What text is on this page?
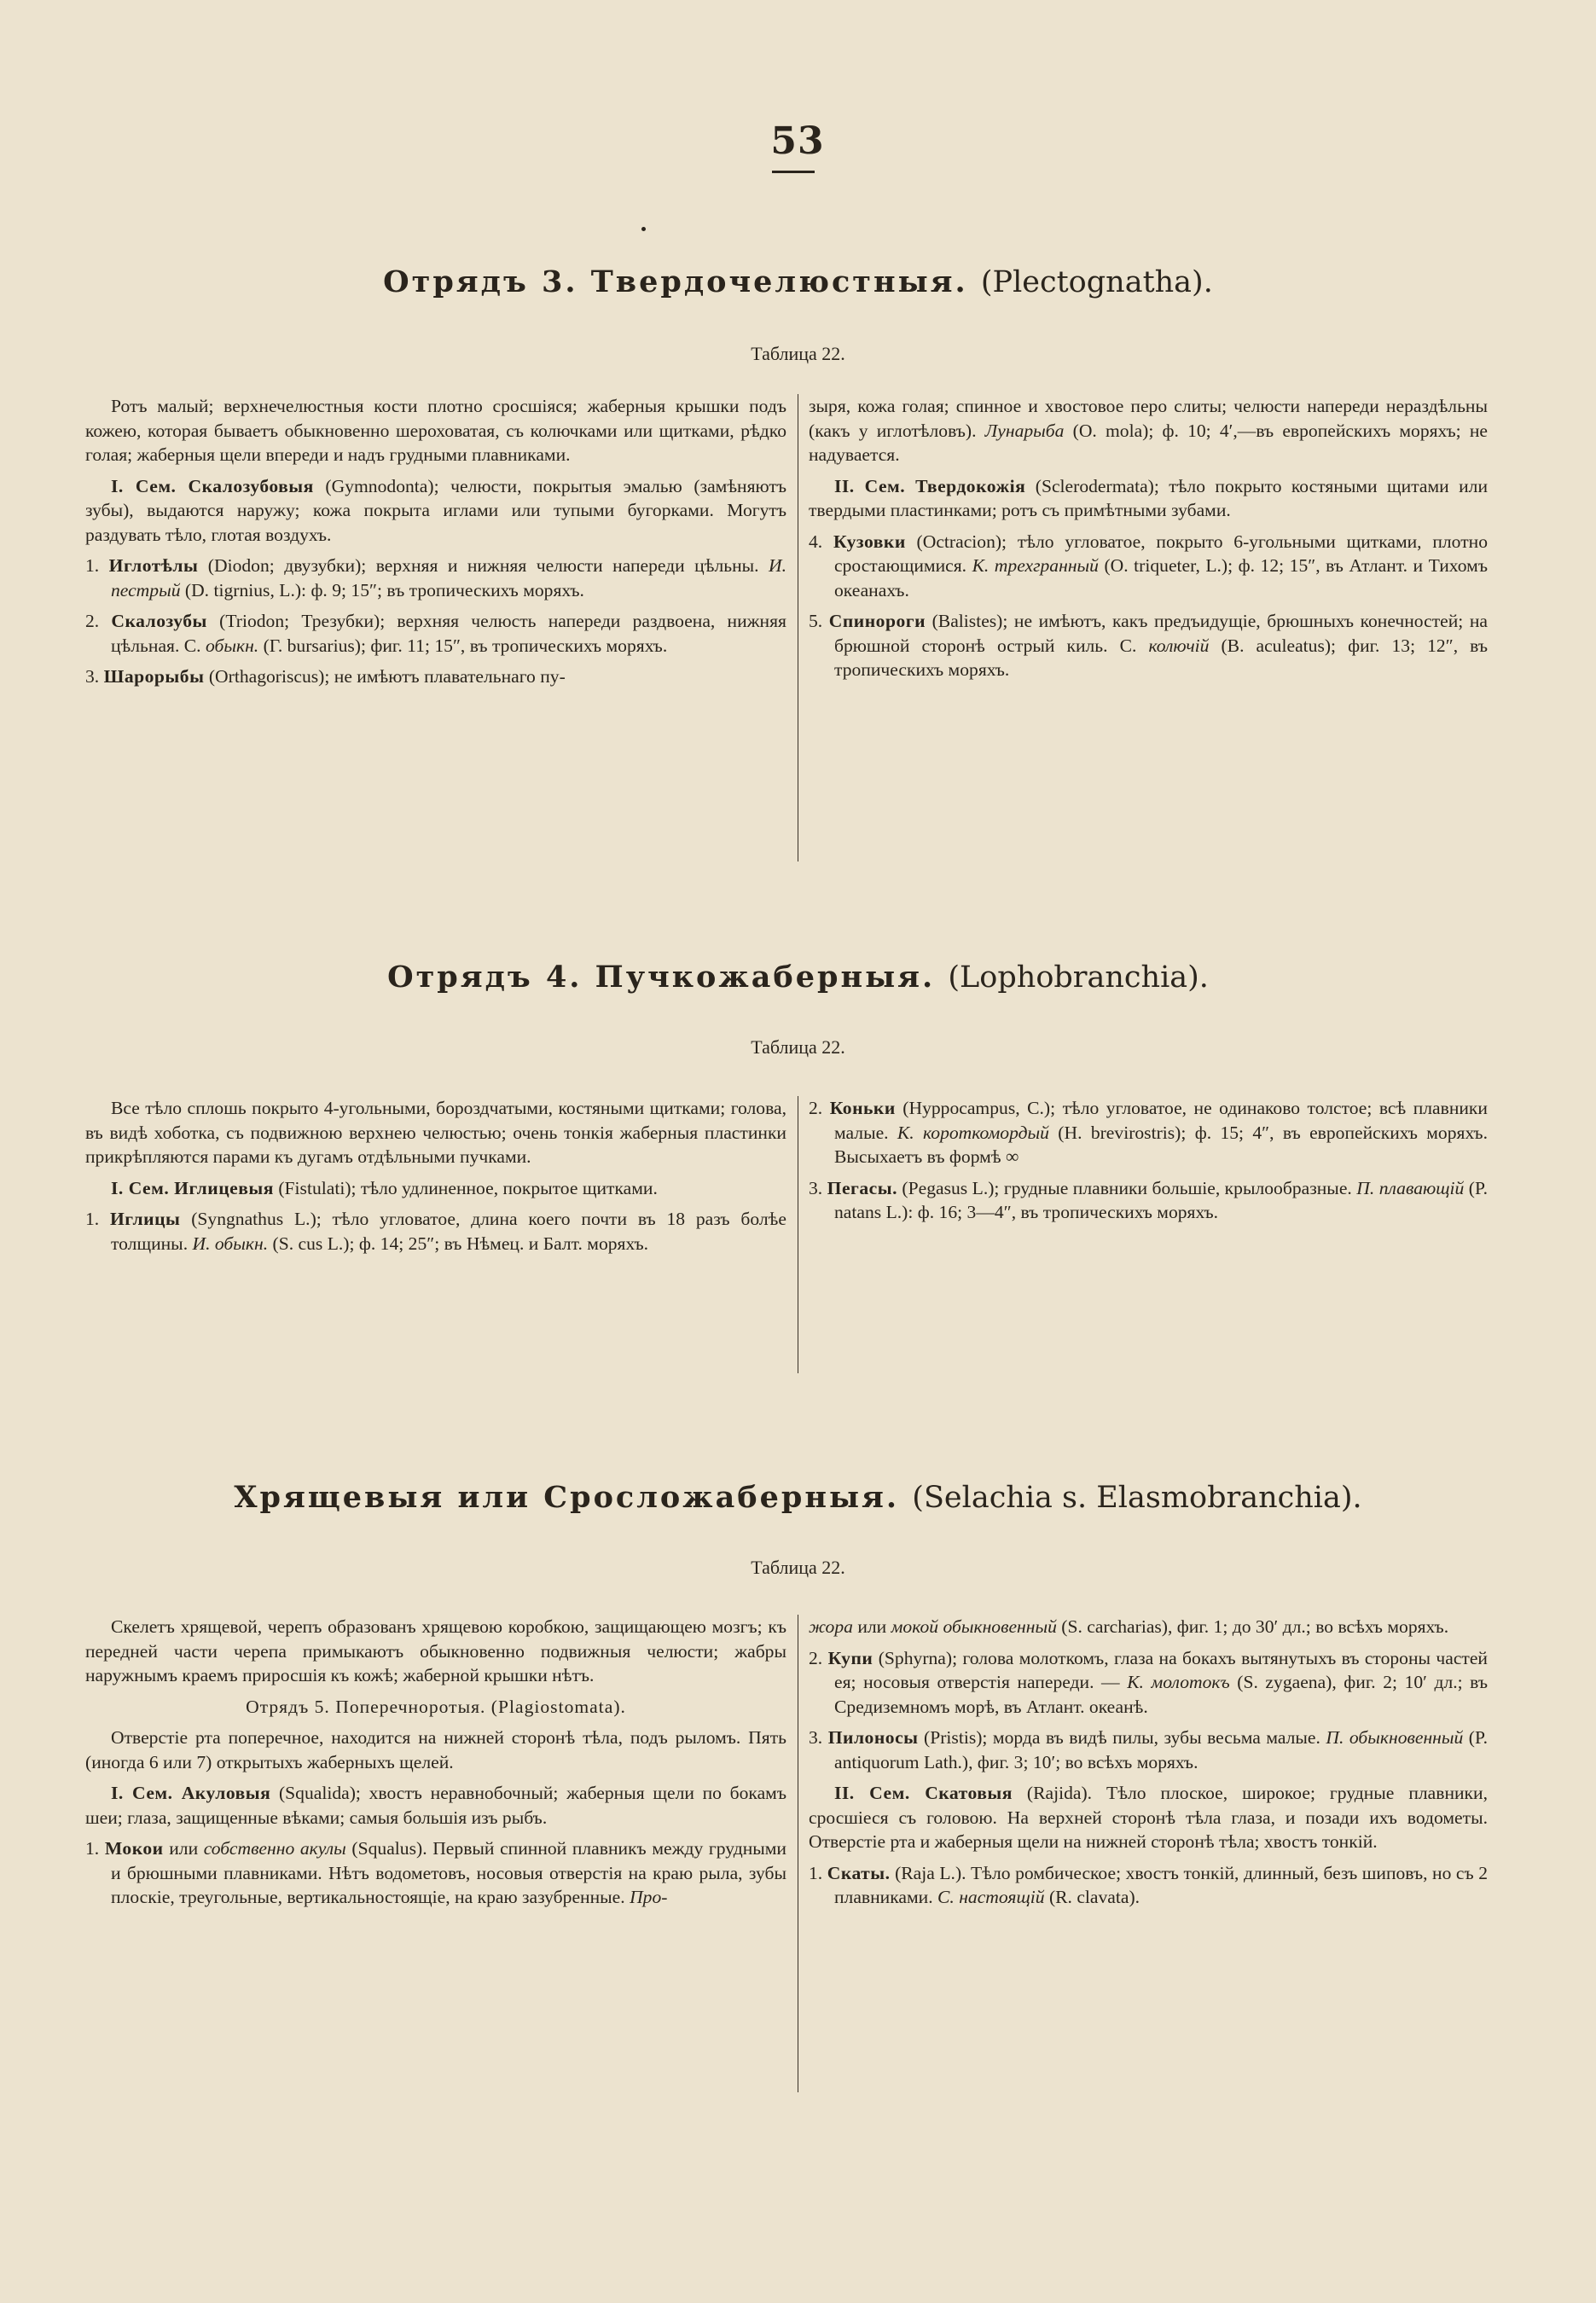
53
Отрядъ 3. Твердочелюстныя. (Plectognatha).
Таблица 22.

Ротъ малый; верхнечелюстныя кости плотно сросшiяся; жаберныя крышки подъ кожею, которая бываетъ обыкновенно шероховатая, съ колючками или щитками, рѣдко голая; жаберныя щели впереди и надъ грудными плавниками.

I. Сем. Скалозубовыя (Gymnodonta); челюсти, покрытыя эмалью (замѣняютъ зубы), выдаются наружу; кожа покрыта иглами или тупыми бугорками. Могутъ раздувать тѣло, глотая воздухъ.

1. Иглотѣлы (Diodon; двузубки); верхняя и нижняя челюсти напереди цѣльны. И. пестрый (D. tigrnius, L.): ф. 9; 15″; въ тропическихъ моряхъ.

2. Скалозубы (Triodon; Трезубки); верхняя челюсть напереди раздвоена, нижняя цѣльная. С. обыкн. (Г. bursarius); фиг. 11; 15″, въ тропическихъ моряхъ.

3. Шарорыбы (Orthagoriscus); не имѣютъ плавательнаго пу-

зыря, кожа голая; спинное и хвостовое перо слиты; челюсти напереди нераздѣльны (какъ у иглотѣловъ). Лунарыба (O. mola); ф. 10; 4′,—въ европейскихъ моряхъ; не надувается.

II. Сем. Твердокожiя (Sclerodermata); тѣло покрыто костяными щитами или твердыми пластинками; ротъ съ примѣтными зубами.

4. Кузовки (Octracion); тѣло угловатое, покрыто 6-угольными щитками, плотно сростающимися. К. трехгранный (O. triqueter, L.); ф. 12; 15″, въ Атлант. и Тихомъ океанахъ.

5. Спинороги (Balistes); не имѣютъ, какъ предъидущiе, брюшныхъ конечностей; на брюшной сторонѣ острый киль. С. колючiй (B. aculeatus); фиг. 13; 12″, въ тропическихъ моряхъ.

Отрядъ 4. Пучкожаберныя. (Lophobranchia).
Таблица 22.

Все тѣло сплошь покрыто 4-угольными, бороздчатыми, костяными щитками; голова, въ видѣ хоботка, съ подвижною верхнею челюстью; очень тонкiя жаберныя пластинки прикрѣпляются парами къ дугамъ отдѣльными пучками.

I. Сем. Иглицевыя (Fistulati); тѣло удлиненное, покрытое щитками.

1. Иглицы (Syngnathus L.); тѣло угловатое, длина коего почти въ 18 разъ болѣе толщины. И. обыкн. (S. cus L.); ф. 14; 25″; въ Нѣмец. и Балт. моряхъ.

2. Коньки (Hyppocampus, C.); тѣло угловатое, не одинаково толстое; всѣ плавники малые. К. короткомордый (H. brevirostris); ф. 15; 4″, въ европейскихъ моряхъ. Высыхаетъ въ формѣ ∞

3. Пегасы. (Pegasus L.); грудные плавники большiе, крылообразные. П. плавающiй (P. natans L.): ф. 16; 3—4″, въ тропическихъ моряхъ.

Хрящевыя или Сросложаберныя. (Selachia s. Elasmobranchia).
Таблица 22.

Скелетъ хрящевой, черепъ образованъ хрящевою коробкою, защищающею мозгъ; къ передней части черепа примыкаютъ обыкновенно подвижныя челюсти; жабры наружнымъ краемъ приросшiя къ кожѣ; жаберной крышки нѣтъ.

Отрядъ 5. Поперечноротыя. (Plagiostomata).

Отверстiе рта поперечное, находится на нижней сторонѣ тѣла, подъ рыломъ. Пять (иногда 6 или 7) открытыхъ жаберныхъ щелей.

I. Сем. Акуловыя (Squalida); хвостъ неравнобочный; жаберныя щели по бокамъ шеи; глаза, защищенные вѣками; самыя большiя изъ рыбъ.

1. Мокои или собственно акулы (Squalus). Первый спинной плавникъ между грудными и брюшными плавниками. Нѣтъ водометовъ, носовыя отверстiя на краю рыла, зубы плоскiе, треугольные, вертикальностоящiе, на краю зазубренные. Про-

жора или мокой обыкновенный (S. carcharias), фиг. 1; до 30′ дл.; во всѣхъ моряхъ.

2. Купи (Sphyrna); голова молоткомъ, глаза на бокахъ вытянутыхъ въ стороны частей ея; носовыя отверстiя напереди. — К. молотокъ (S. zygaena), фиг. 2; 10′ дл.; въ Средиземномъ морѣ, въ Атлант. океанѣ.

3. Пилоносы (Pristis); морда въ видѣ пилы, зубы весьма малые. П. обыкновенный (P. antiquorum Lath.), фиг. 3; 10′; во всѣхъ моряхъ.

II. Сем. Скатовыя (Rajida). Тѣло плоское, широкое; грудные плавники, сросшiеся съ головою. На верхней сторонѣ тѣла глаза, и позади ихъ водометы. Отверстiе рта и жаберныя щели на нижней сторонѣ тѣла; хвостъ тонкiй.

1. Скаты. (Raja L.). Тѣло ромбическое; хвостъ тонкiй, длинный, безъ шиповъ, но съ 2 плавниками. С. настоящiй (R. clavata).
